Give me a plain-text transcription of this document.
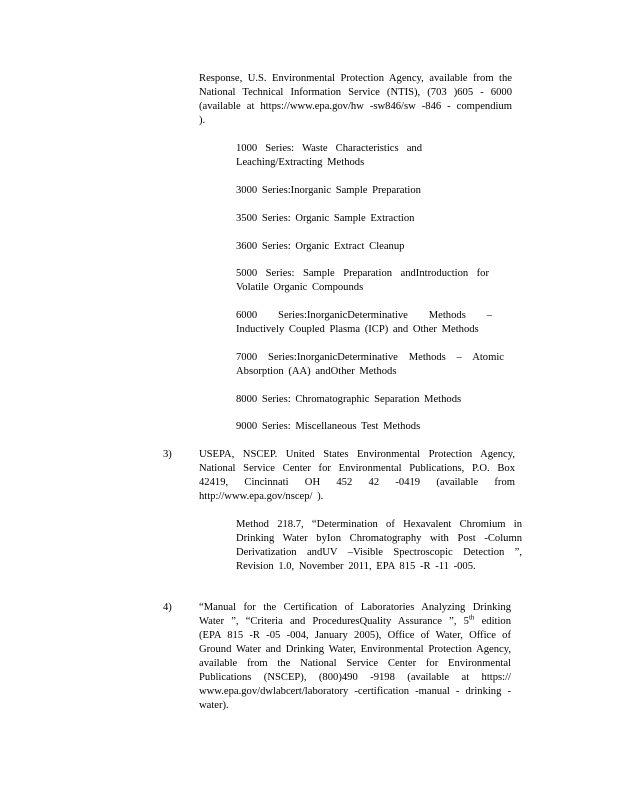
Response, U.S. Environmental Protection Agency, available from the National Technical Information Service (NTIS), (703 )605 - 6000 (available at https://www.epa.gov/hw -sw846/sw -846 - compendium ).

1000 Series: Waste Characteristics and Leaching/Extracting Methods

3000 Series:Inorganic Sample Preparation

3500 Series: Organic Sample Extraction

3600 Series: Organic Extract Cleanup

5000 Series: Sample Preparation andIntroduction for Volatile Organic Compounds

6000 Series:InorganicDeterminative Methods – Inductively Coupled Plasma (ICP) and Other Methods

7000 Series:InorganicDeterminative Methods – Atomic Absorption (AA) andOther Methods

8000 Series: Chromatographic Separation Methods

9000 Series: Miscellaneous Test Methods

3)	USEPA, NSCEP. United States Environmental Protection Agency, National Service Center for Environmental Publications, P.O. Box 42419, Cincinnati OH 452 42 -0419 (available from http://www.epa.gov/nscep/ ).

Method 218.7, “Determination of Hexavalent Chromium in Drinking Water byIon Chromatography with Post -Column Derivatization andUV –Visible Spectroscopic Detection ”, Revision 1.0, November 2011, EPA 815 -R -11 -005.

4)	“Manual for the Certification of Laboratories Analyzing Drinking Water ”, “Criteria and ProceduresQuality Assurance ”, 5th edition (EPA 815 -R -05 -004, January 2005), Office of Water, Office of Ground Water and Drinking Water, Environmental Protection Agency, available from the National Service Center for Environmental Publications (NSCEP), (800)490 -9198 (available at https:// www.epa.gov/dwlabcert/laboratory -certification -manual - drinking -water).
